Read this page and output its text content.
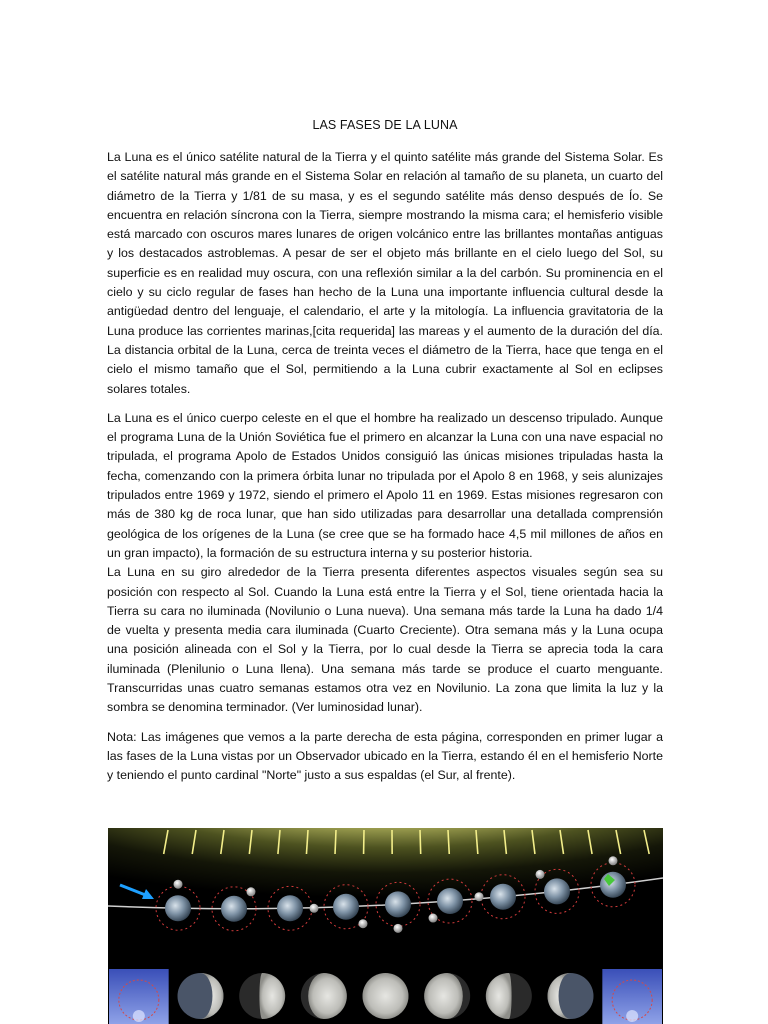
LAS FASES DE LA LUNA

La Luna es el único satélite natural de la Tierra y el quinto satélite más grande del Sistema Solar. Es el satélite natural más grande en el Sistema Solar en relación al tamaño de su planeta, un cuarto del diámetro de la Tierra y 1/81 de su masa, y es el segundo satélite más denso después de Ío. Se encuentra en relación síncrona con la Tierra, siempre mostrando la misma cara; el hemisferio visible está marcado con oscuros mares lunares de origen volcánico entre las brillantes montañas antiguas y los destacados astroblemas. A pesar de ser el objeto más brillante en el cielo luego del Sol, su superficie es en realidad muy oscura, con una reflexión similar a la del carbón. Su prominencia en el cielo y su ciclo regular de fases han hecho de la Luna una importante influencia cultural desde la antigüedad dentro del lenguaje, el calendario, el arte y la mitología. La influencia gravitatoria de la Luna produce las corrientes marinas,[cita requerida] las mareas y el aumento de la duración del día. La distancia orbital de la Luna, cerca de treinta veces el diámetro de la Tierra, hace que tenga en el cielo el mismo tamaño que el Sol, permitiendo a la Luna cubrir exactamente al Sol en eclipses solares totales.

La Luna es el único cuerpo celeste en el que el hombre ha realizado un descenso tripulado. Aunque el programa Luna de la Unión Soviética fue el primero en alcanzar la Luna con una nave espacial no tripulada, el programa Apolo de Estados Unidos consiguió las únicas misiones tripuladas hasta la fecha, comenzando con la primera órbita lunar no tripulada por el Apolo 8 en 1968, y seis alunizajes tripulados entre 1969 y 1972, siendo el primero el Apolo 11 en 1969. Estas misiones regresaron con más de 380 kg de roca lunar, que han sido utilizadas para desarrollar una detallada comprensión geológica de los orígenes de la Luna (se cree que se ha formado hace 4,5 mil millones de años en un gran impacto), la formación de su estructura interna y su posterior historia.

La Luna en su giro alrededor de la Tierra presenta diferentes aspectos visuales según sea su posición con respecto al Sol. Cuando la Luna está entre la Tierra y el Sol, tiene orientada hacia la Tierra su cara no iluminada (Novilunio o Luna nueva). Una semana más tarde la Luna ha dado 1/4 de vuelta y presenta media cara iluminada (Cuarto Creciente). Otra semana más y la Luna ocupa una posición alineada con el Sol y la Tierra, por lo cual desde la Tierra se aprecia toda la cara iluminada (Plenilunio o Luna llena). Una semana más tarde se produce el cuarto menguante. Transcurridas unas cuatro semanas estamos otra vez en Novilunio. La zona que limita la luz y la sombra se denomina terminador. (Ver luminosidad lunar).

Nota: Las imágenes que vemos a la parte derecha de esta página, corresponden en primer lugar a las fases de la Luna vistas por un Observador ubicado en la Tierra, estando él en el hemisferio Norte y teniendo el punto cardinal "Norte" justo a sus espaldas (el Sur, al frente).
